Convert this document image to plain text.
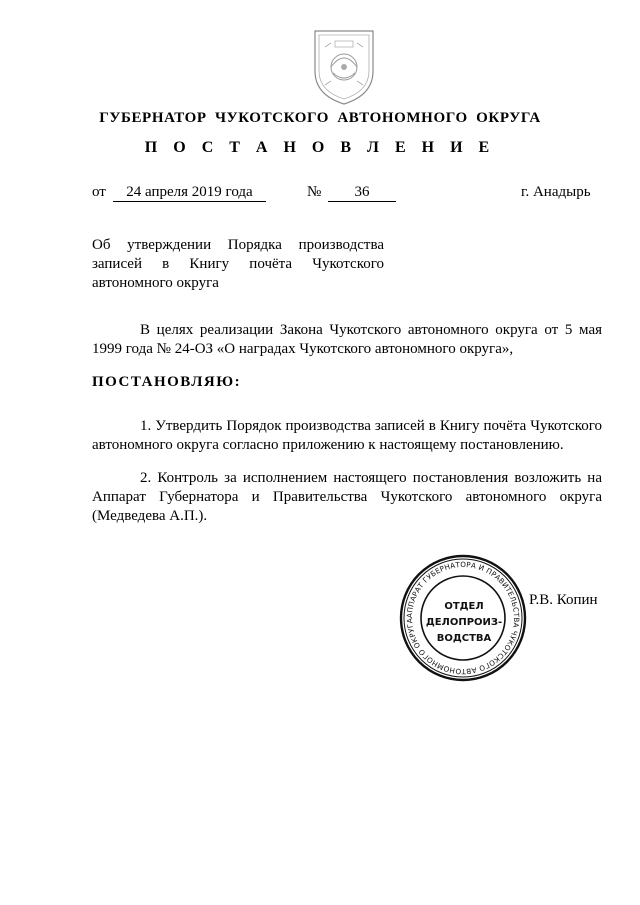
ГУБЕРНАТОР ЧУКОТСКОГО АВТОНОМНОГО ОКРУГА
П О С Т А Н О В Л Е Н И Е
от	24 апреля 2019 года	№	36	г. Анадырь
Об утверждении Порядка производства записей в Книгу почёта Чукотского автономного округа
В целях реализации Закона Чукотского автономного округа от 5 мая 1999 года № 24-ОЗ «О наградах Чукотского автономного округа»,
ПОСТАНОВЛЯЮ:
1. Утвердить Порядок производства записей в Книгу почёта Чукотского автономного округа согласно приложению к настоящему постановлению.
2. Контроль за исполнением настоящего постановления возложить на Аппарат Губернатора и Правительства Чукотского автономного округа (Медведева А.П.).
АППАРАТ ГУБЕРНАТОРА И ПРАВИТЕЛЬСТВА ЧУКОТСКОГО АВТОНОМНОГО ОКРУГА
ОТДЕЛ
ДЕЛОПРОИЗ-
ВОДСТВА
Р.В. Копин
